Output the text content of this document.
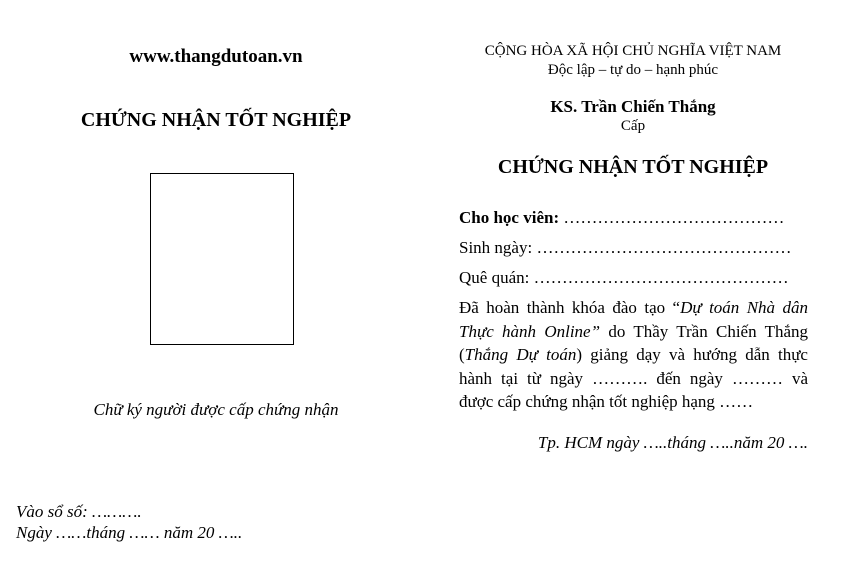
www.thangdutoan.vn
CHỨNG NHẬN TỐT NGHIỆP
Chữ ký người được cấp chứng nhận
Vào sổ số: ……….
Ngày ……tháng …… năm 20 …..
CỘNG HÒA XÃ HỘI CHỦ NGHĨA VIỆT NAM
Độc lập – tự do – hạnh phúc
KS. Trần Chiến Thắng
Cấp
CHỨNG NHẬN TỐT NGHIỆP
Cho học viên: …………………………………
Sinh ngày: ………………………………………
Quê quán: ………………………………………
Đã hoàn thành khóa đào tạo “Dự toán Nhà dân Thực hành Online” do Thầy Trần Chiến Thắng (Thắng Dự toán) giảng dạy và hướng dẫn thực hành tại từ ngày ………. đến ngày ……… và được cấp chứng nhận tốt nghiệp hạng ……
Tp. HCM ngày …..tháng …..năm 20 ….
